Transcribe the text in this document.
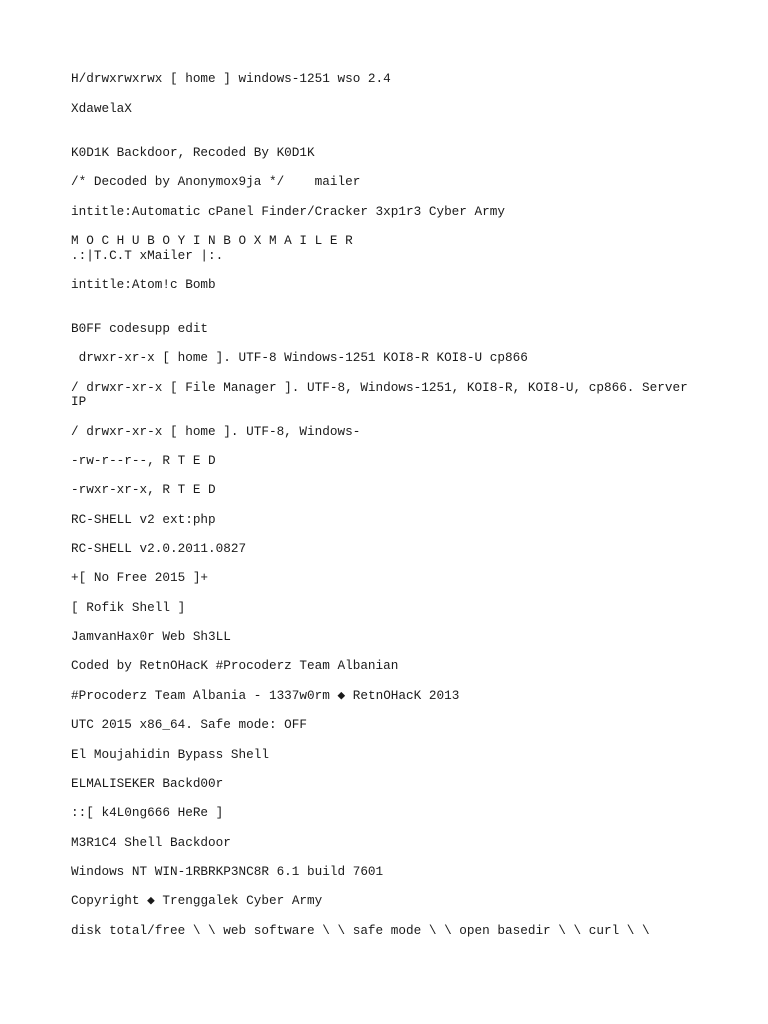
H/drwxrwxrwx [ home ] windows-1251 wso 2.4

XdawelaX

K0D1K Backdoor, Recoded By K0D1K

/* Decoded by Anonymox9ja */    mailer

intitle:Automatic cPanel Finder/Cracker 3xp1r3 Cyber Army

M O C H U B O Y I N B O X M A I L E R

.:|T.C.T xMailer |:.

intitle:Atom!c Bomb

B0FF codesupp edit

drwxr-xr-x [ home ]. UTF-8 Windows-1251 KOI8-R KOI8-U cp866

/ drwxr-xr-x [ File Manager ]. UTF-8, Windows-1251, KOI8-R, KOI8-U, cp866. Server

IP

/ drwxr-xr-x [ home ]. UTF-8, Windows-

-rw-r--r--, R T E D

-rwxr-xr-x, R T E D

RC-SHELL v2 ext:php

RC-SHELL v2.0.2011.0827

+[ No Free 2015 ]+

[ Rofik Shell ]

JamvanHax0r Web Sh3LL

Coded by RetnOHacK #Procoderz Team Albanian

#Procoderz Team Albania - 1337w0rm ◆ RetnOHacK 2013

UTC 2015 x86_64. Safe mode: OFF

El Moujahidin Bypass Shell

ELMALISEKER Backd00r

::[ k4L0ng666 HeRe ]

M3R1C4 Shell Backdoor

Windows NT WIN-1RBRKP3NC8R 6.1 build 7601

Copyright ◆ Trenggalek Cyber Army

disk total/free \ \ web software \ \ safe mode \ \ open basedir \ \ curl \ \
